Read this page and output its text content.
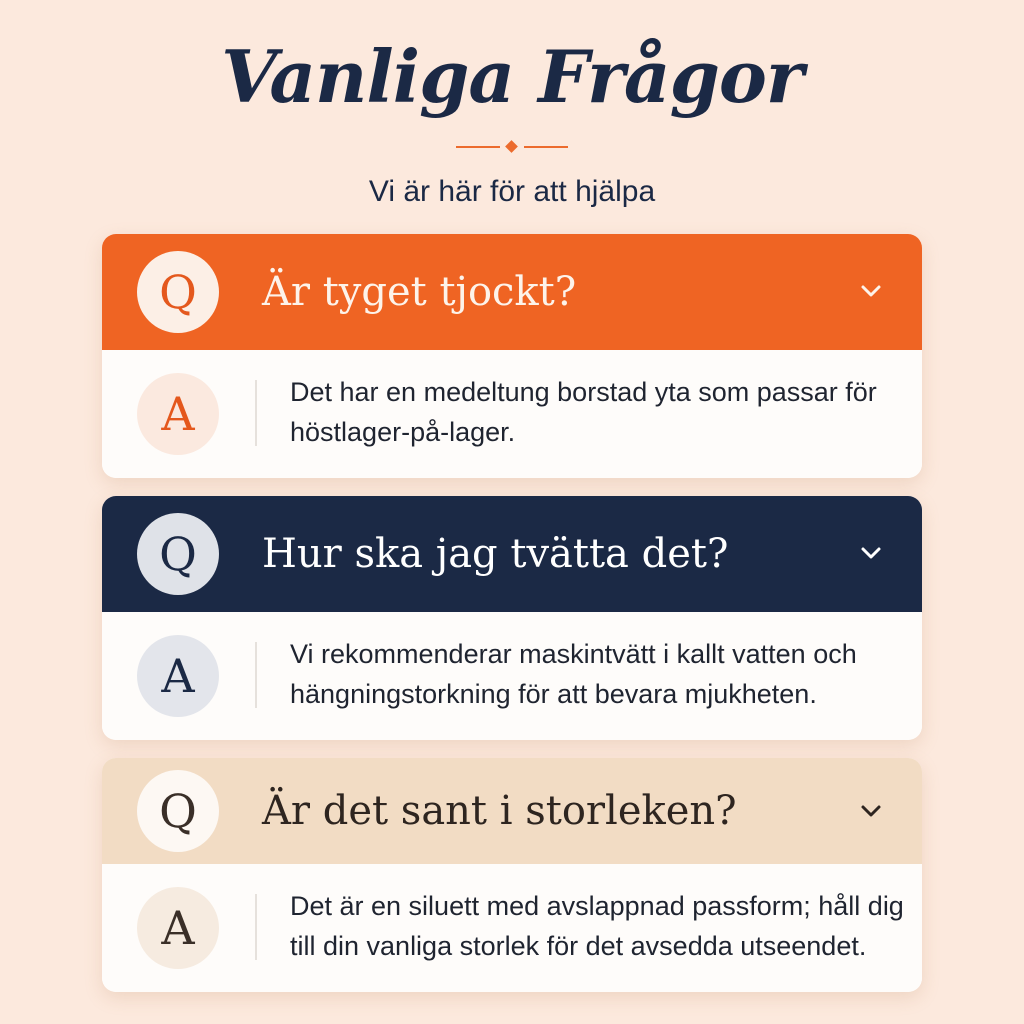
Vanliga Frågor
Vi är här för att hjälpa
Q	Är tyget tjockt?
A	Det har en medeltung borstad yta som passar för höstlager-på-lager.
Q	Hur ska jag tvätta det?
A	Vi rekommenderar maskintvätt i kallt vatten och hängningstorkning för att bevara mjukheten.
Q	Är det sant i storleken?
A	Det är en siluett med avslappnad passform; håll dig till din vanliga storlek för det avsedda utseendet.
